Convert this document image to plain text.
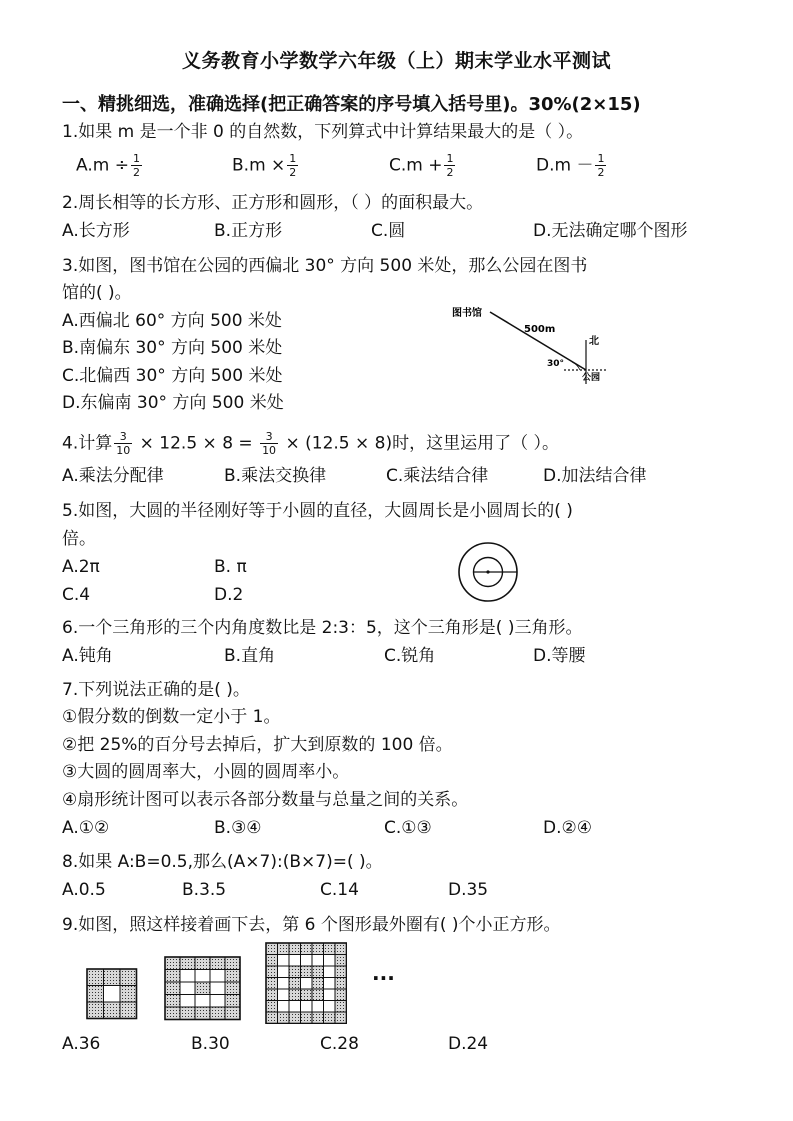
义务教育小学数学六年级（上）期末学业水平测试
一、精挑细选，准确选择(把正确答案的序号填入括号里)。30%(2×15)
1.如果 m 是一个非 0 的自然数，下列算式中计算结果最大的是（ ）。
$A.m \div \frac{1}{2}$	$B.m \times \frac{1}{2}$	$C.m + \frac{1}{2}$	$D.m - \frac{1}{2}$
2.周长相等的长方形、正方形和圆形，（ ）的面积最大。
A.长方形	B.正方形	C.圆	D.无法确定哪个图形
3.如图，图书馆在公园的西偏北 30° 方向 500 米处，那么公园在图书
馆的( )。
A.西偏北 60° 方向 500 米处
B.南偏东 30° 方向 500 米处
C.北偏西 30° 方向 500 米处
D.东偏南 30° 方向 500 米处
图书馆
500m
北
30°
公园
4.计算 $\frac{3}{10} \times 12.5 \times 8 = \frac{3}{10} \times (12.5 \times 8)$时，这里运用了（ ）。
A.乘法分配律	B.乘法交换律	C.乘法结合律	D.加法结合律
5.如图，大圆的半径刚好等于小圆的直径，大圆周长是小圆周长的( )
倍。
A.2π	B. π
C.4	D.2
6.一个三角形的三个内角度数比是 2:3：5，这个三角形是( )三角形。
A.钝角	B.直角	C.锐角	D.等腰
7.下列说法正确的是( )。
①假分数的倒数一定小于 1。
②把 25%的百分号去掉后，扩大到原数的 100 倍。
③大圆的圆周率大，小圆的圆周率小。
④扇形统计图可以表示各部分数量与总量之间的关系。
A.①②	B.③④	C.①③	D.②④
8.如果 A:B=0.5,那么(A×7):(B×7)=( )。
A.0.5	B.3.5	C.14	D.35
9.如图，照这样接着画下去，第 6 个图形最外圈有( )个小正方形。
···
A.36	B.30	C.28	D.24
